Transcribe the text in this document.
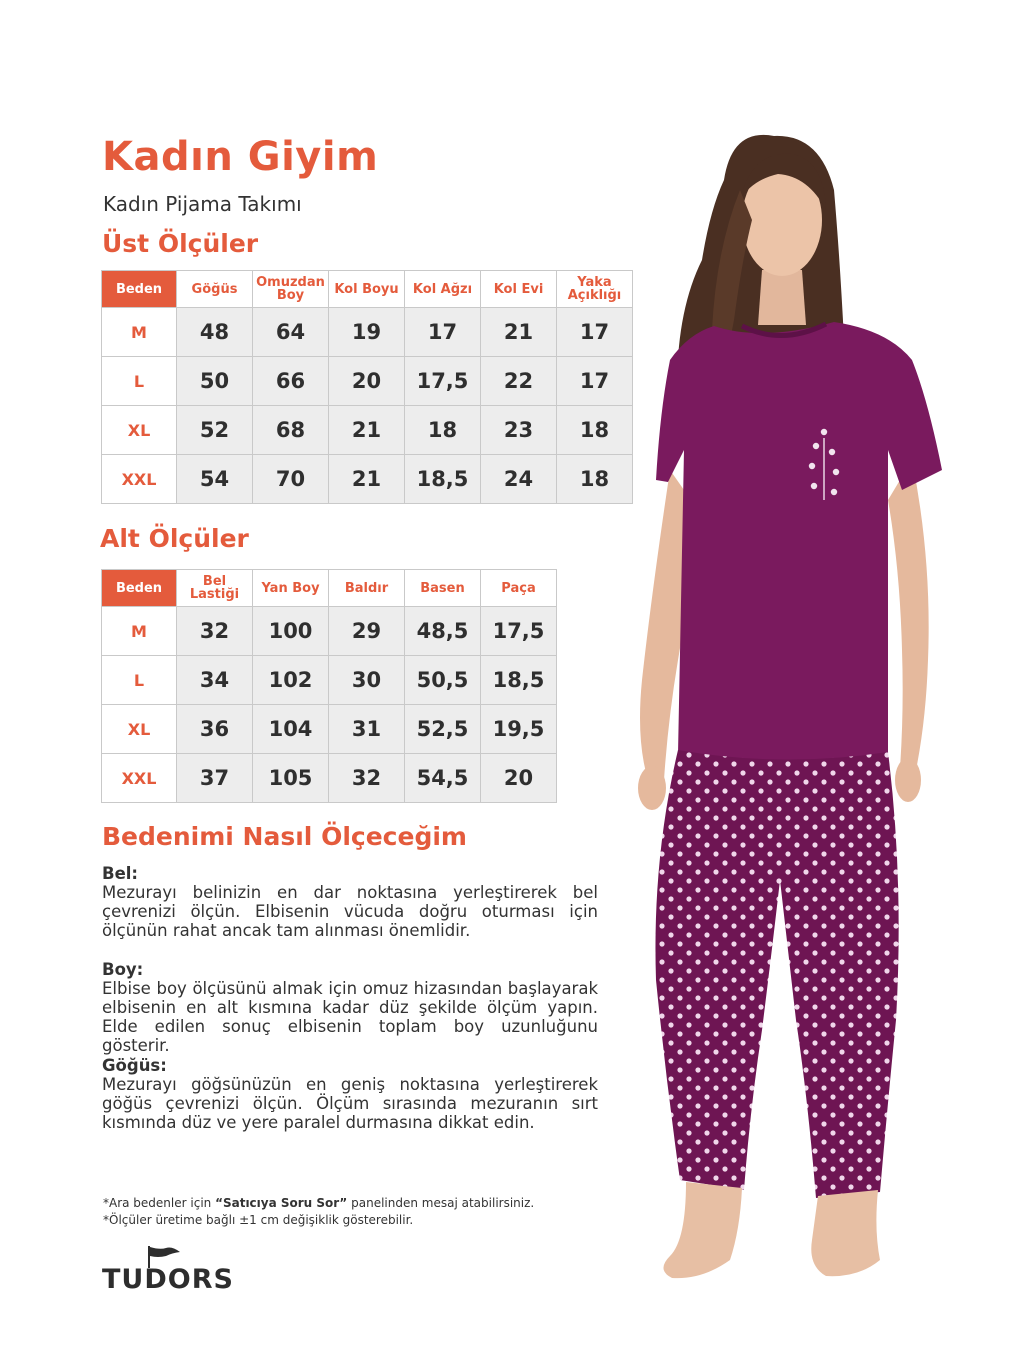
Kadın Giyim
Kadın Pijama Takımı
Üst Ölçüler
Beden	Göğüs	Omuzdan Boy	Kol Boyu	Kol Ağzı	Kol Evi	Yaka Açıklığı
M	48	64	19	17	21	17
L	50	66	20	17,5	22	17
XL	52	68	21	18	23	18
XXL	54	70	21	18,5	24	18
Alt Ölçüler
Beden	Bel Lastiği	Yan Boy	Baldır	Basen	Paça
M	32	100	29	48,5	17,5
L	34	102	30	50,5	18,5
XL	36	104	31	52,5	19,5
XXL	37	105	32	54,5	20
Bedenimi Nasıl Ölçeceğim
Bel:
Mezurayı belinizin en dar noktasına yerleştirerek bel çevrenizi ölçün. Elbisenin vücuda doğru oturması için ölçünün rahat ancak tam alınması önemlidir.
Boy:
Elbise boy ölçüsünü almak için omuz hizasından başlayarak elbisenin en alt kısmına kadar düz şekilde ölçüm yapın. Elde edilen sonuç elbisenin toplam boy uzunluğunu gösterir.
Göğüs:
Mezurayı göğsünüzün en geniş noktasına yerleştirerek göğüs çevrenizi ölçün. Ölçüm sırasında mezuranın sırt kısmında düz ve yere paralel durmasına dikkat edin.
*Ara bedenler için “Satıcıya Soru Sor” panelinden mesaj atabilirsiniz.
*Ölçüler üretime bağlı ±1 cm değişiklik gösterebilir.
TUDORS
